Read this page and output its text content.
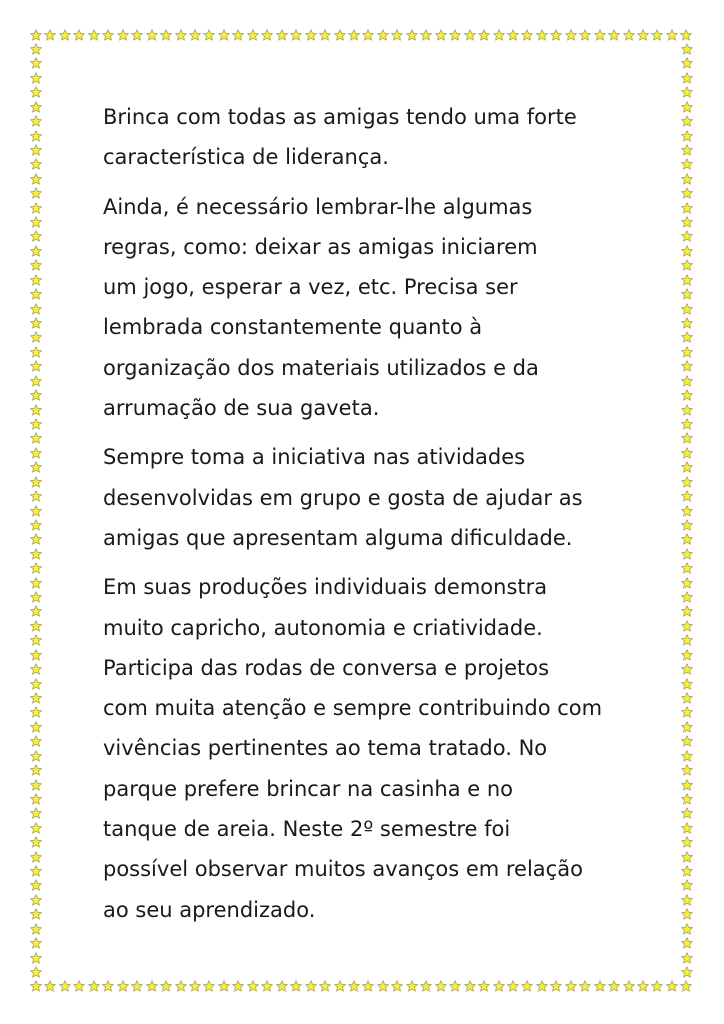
Brinca com todas as amigas tendo uma forte
característica de liderança.
Ainda, é necessário lembrar-lhe algumas
regras, como: deixar as amigas iniciarem
um jogo, esperar a vez, etc. Precisa ser
lembrada constantemente quanto à
organização dos materiais utilizados e da
arrumação de sua gaveta.
Sempre toma a iniciativa nas atividades
desenvolvidas em grupo e gosta de ajudar as
amigas que apresentam alguma dificuldade.
Em suas produções individuais demonstra
muito capricho, autonomia e criatividade.
Participa das rodas de conversa e projetos
com muita atenção e sempre contribuindo com
vivências pertinentes ao tema tratado. No
parque prefere brincar na casinha e no
tanque de areia. Neste 2º semestre foi
possível observar muitos avanços em relação
ao seu aprendizado.
